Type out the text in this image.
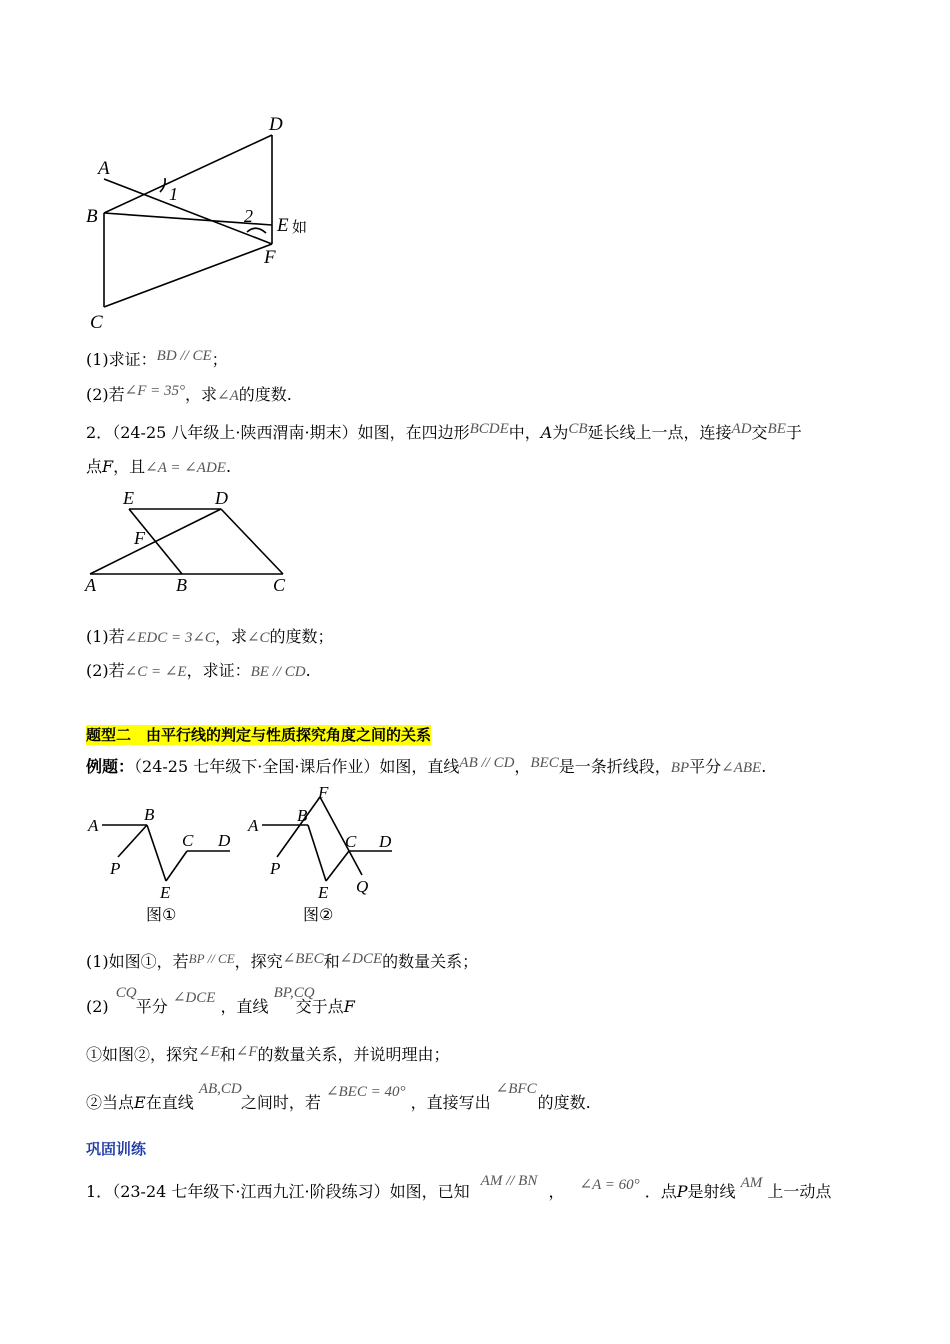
A
D
B
1
2 E
F
C
如
(1)求证：BD // CE；
(2)若∠F = 35°，求∠A的度数.
2．（24-25 八年级上·陕西渭南·期末）如图，在四边形BCDE中，A为CB延长线上一点，连接AD交BE于
点F，且∠A = ∠ADE.
E	D
F
A	B	C
(1)若∠EDC = 3∠C，求∠C的度数；
(2)若∠C = ∠E，求证：BE // CD.
题型二　由平行线的判定与性质探究角度之间的关系
例题：（24-25 七年级下·全国·课后作业）如图，直线AB // CD，BEC是一条折线段，BP平分∠ABE.
A
B
C D
P
E
图①
F
A
B
C D
P
E Q
图②
(1)如图①，若$^{BP // CE}$，探究∠BEC和∠DCE的数量关系；
(2) CQ 平分 ∠DCE ，直线 BP,CQ 交于点F
①如图②，探究∠E和∠F的数量关系，并说明理由；
②当点E在直线 AB,CD 之间时，若 ∠BEC = 40° ，直接写出 ∠BFC 的度数.
巩固训练
1．（23-24 七年级下·江西九江·阶段练习）如图，已知 AM // BN ， ∠A = 60° ．点P是射线 AM 上一动点
